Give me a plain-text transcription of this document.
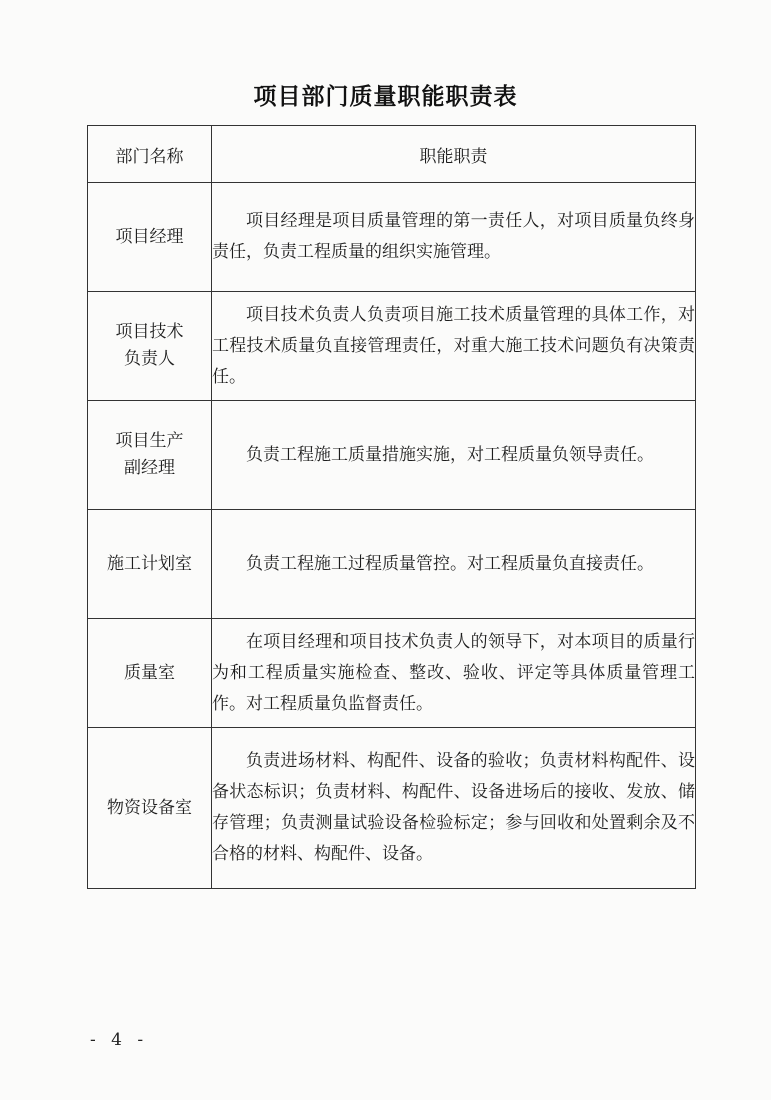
项目部门质量职能职责表
部门名称	职能职责
项目经理	项目经理是项目质量管理的第一责任人，对项目质量负终身责任，负责工程质量的组织实施管理。

项目技术负责人	项目技术负责人负责项目施工技术质量管理的具体工作，对工程技术质量负直接管理责任，对重大施工技术问题负有决策责任。

项目生产副经理	负责工程施工质量措施实施，对工程质量负领导责任。

施工计划室	负责工程施工过程质量管控。对工程质量负直接责任。

质量室	在项目经理和项目技术负责人的领导下，对本项目的质量行为和工程质量实施检查、整改、验收、评定等具体质量管理工作。对工程质量负监督责任。

物资设备室	负责进场材料、构配件、设备的验收；负责材料构配件、设备状态标识；负责材料、构配件、设备进场后的接收、发放、储存管理；负责测量试验设备检验标定；参与回收和处置剩余及不合格的材料、构配件、设备。
- 4 -
